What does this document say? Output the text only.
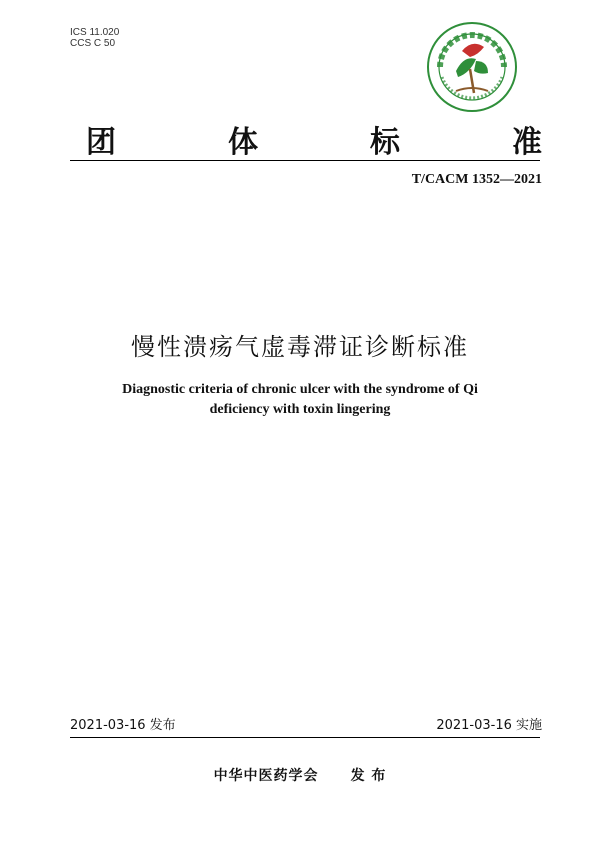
ICS 11.020
CCS C 50
团	体	标	准
T/CACM 1352—2021
慢性溃疡气虚毒滞证诊断标准
Diagnostic criteria of chronic ulcer with the syndrome of Qi
deficiency with toxin lingering
2021-03-16 发布	2021-03-16 实施
中华中医药学会 发 布
